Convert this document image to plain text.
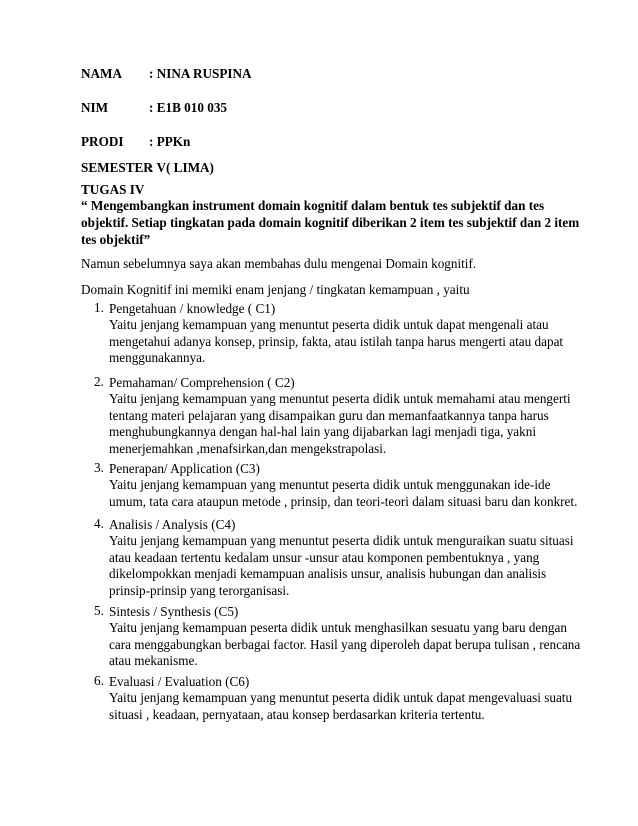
NAMA : NINA RUSPINA
NIM	: E1B 010 035
PRODI : PPKn
SEMESTER: V( LIMA)
TUGAS IV
“ Mengembangkan instrument domain kognitif dalam bentuk tes subjektif dan tes objektif. Setiap tingkatan pada domain kognitif diberikan 2 item tes subjektif dan 2 item tes objektif”
Namun sebelumnya saya akan membahas dulu mengenai Domain kognitif.
Domain Kognitif ini memiki enam jenjang / tingkatan kemampuan , yaitu
1. Pengetahuan / knowledge ( C1)
Yaitu jenjang kemampuan yang menuntut peserta didik untuk dapat mengenali atau
mengetahui adanya konsep, prinsip, fakta, atau istilah tanpa harus mengerti atau dapat
menggunakannya.
2. Pemahaman/ Comprehension ( C2)
Yaitu jenjang kemampuan yang menuntut peserta didik untuk memahami atau mengerti
tentang materi pelajaran yang disampaikan guru dan memanfaatkannya tanpa harus
menghubungkannya dengan hal-hal lain yang dijabarkan lagi menjadi tiga, yakni
menerjemahkan ,menafsirkan,dan mengekstrapolasi.
3. Penerapan/ Application (C3)
Yaitu jenjang kemampuan yang menuntut peserta didik untuk menggunakan ide-ide
umum, tata cara ataupun metode , prinsip, dan teori-teori dalam situasi baru dan konkret.
4. Analisis / Analysis (C4)
Yaitu jenjang kemampuan yang menuntut peserta didik untuk menguraikan suatu situasi
atau keadaan tertentu kedalam unsur -unsur atau komponen pembentuknya , yang
dikelompokkan menjadi kemampuan analisis unsur, analisis hubungan dan analisis
prinsip-prinsip yang terorganisasi.
5. Sintesis / Synthesis (C5)
Yaitu jenjang kemampuan peserta didik untuk menghasilkan sesuatu yang baru dengan
cara menggabungkan berbagai factor. Hasil yang diperoleh dapat berupa tulisan , rencana
atau mekanisme.
6. Evaluasi / Evaluation (C6)
Yaitu jenjang kemampuan yang menuntut peserta didik untuk dapat mengevaluasi suatu
situasi , keadaan, pernyataan, atau konsep berdasarkan kriteria tertentu.
